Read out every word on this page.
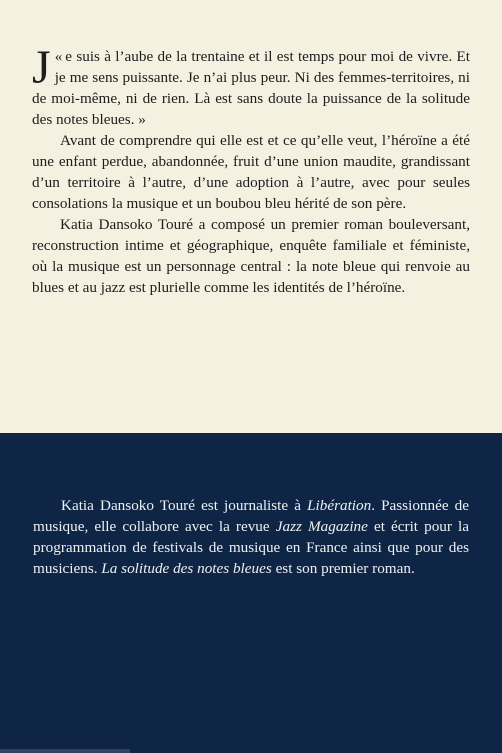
«
J e suis à l’aube de la trentaine et il est temps pour moi de vivre. Et je me sens puissante. Je n’ai plus peur. Ni des femmes-territoires, ni de moi-même, ni de rien. Là est sans doute la puissance de la solitude des notes bleues. »

Avant de comprendre qui elle est et ce qu’elle veut, l’héroïne a été une enfant perdue, abandonnée, fruit d’une union maudite, grandissant d’un territoire à l’autre, d’une adoption à l’autre, avec pour seules consolations la musique et un boubou bleu hérité de son père.

Katia Dansoko Touré a composé un premier roman bouleversant, reconstruction intime et géographique, enquête familiale et féministe, où la musique est un personnage central : la note bleue qui renvoie au blues et au jazz est plurielle comme les identités de l’héroïne.

Katia Dansoko Touré est journaliste à Libération. Passionnée de musique, elle collabore avec la revue Jazz Magazine et écrit pour la programmation de festivals de musique en France ainsi que pour des musiciens. La solitude des notes bleues est son premier roman.
